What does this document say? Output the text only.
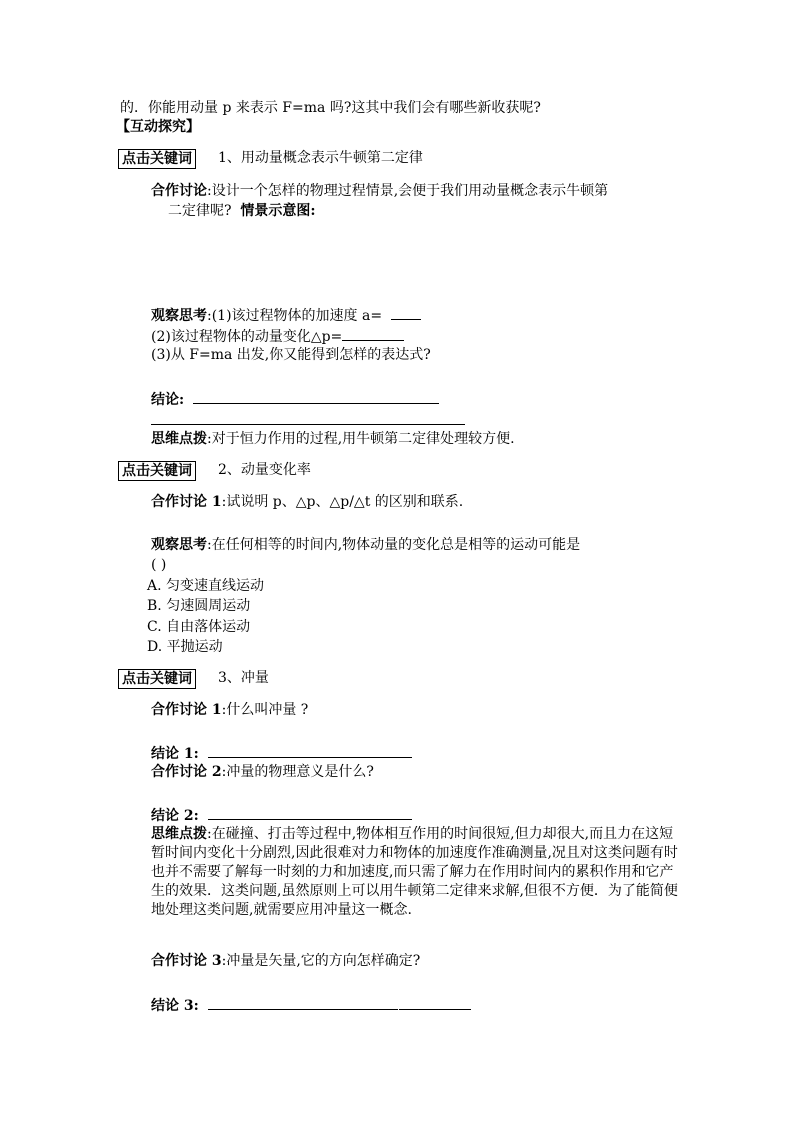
的．你能用动量 p 来表示 F=ma 吗?这其中我们会有哪些新收获呢?
【互动探究】
点击关键词 1、用动量概念表示牛顿第二定律
合作讨论:设计一个怎样的物理过程情景,会便于我们用动量概念表示牛顿第
二定律呢? 情景示意图:
观察思考:(1)该过程物体的加速度 a=
(2)该过程物体的动量变化△p=
(3)从 F=ma 出发,你又能得到怎样的表达式?
结论:
思维点拨:对于恒力作用的过程,用牛顿第二定律处理较方便.
点击关键词 2、动量变化率
合作讨论 1:试说明 p、△p、△p/△t 的区别和联系.
观察思考:在任何相等的时间内,物体动量的变化总是相等的运动可能是
( )
A. 匀变速直线运动
B. 匀速圆周运动
C. 自由落体运动
D. 平抛运动
点击关键词 3、冲量
合作讨论 1:什么叫冲量 ?
结论 1:
合作讨论 2:冲量的物理意义是什么?
结论 2:
思维点拨:在碰撞、打击等过程中,物体相互作用的时间很短,但力却很大,而且力在这短暂时间内变化十分剧烈,因此很难对力和物体的加速度作准确测量,况且对这类问题有时也并不需要了解每一时刻的力和加速度,而只需了解力在作用时间内的累积作用和它产生的效果．这类问题,虽然原则上可以用牛顿第二定律来求解,但很不方便．为了能简便地处理这类问题,就需要应用冲量这一概念.
合作讨论 3:冲量是矢量,它的方向怎样确定?
结论 3:
